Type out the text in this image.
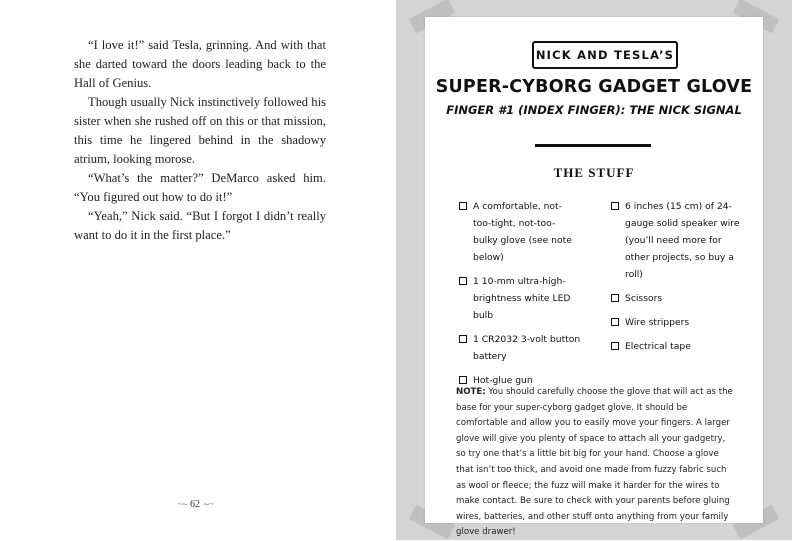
“I love it!” said Tesla, grinning. And with that she darted toward the doors leading back to the Hall of Genius.

Though usually Nick instinctively followed his sister when she rushed off on this or that mission, this time he lingered behind in the shadowy atrium, looking morose.

“What’s the matter?” DeMarco asked him. “You figured out how to do it!”

“Yeah,” Nick said. “But I forgot I didn’t really want to do it in the first place.”

~∼ 62 ∼~
NICK AND TESLA’S
SUPER-CYBORG GADGET GLOVE
FINGER #1 (INDEX FINGER): THE NICK SIGNAL
THE STUFF
A comfortable, not-too-tight, not-too-bulky glove (see note below)
1 10-mm ultra-high-brightness white LED bulb
1 CR2032 3-volt button battery
Hot-glue gun
6 inches (15 cm) of 24-gauge solid speaker wire (you’ll need more for other projects, so buy a roll)
Scissors
Wire strippers
Electrical tape
NOTE: You should carefully choose the glove that will act as the base for your super-cyborg gadget glove. It should be comfortable and allow you to easily move your fingers. A larger glove will give you plenty of space to attach all your gadgetry, so try one that’s a little bit big for your hand. Choose a glove that isn’t too thick, and avoid one made from fuzzy fabric such as wool or fleece; the fuzz will make it harder for the wires to make contact. Be sure to check with your parents before gluing wires, batteries, and other stuff onto anything from your family glove drawer!
